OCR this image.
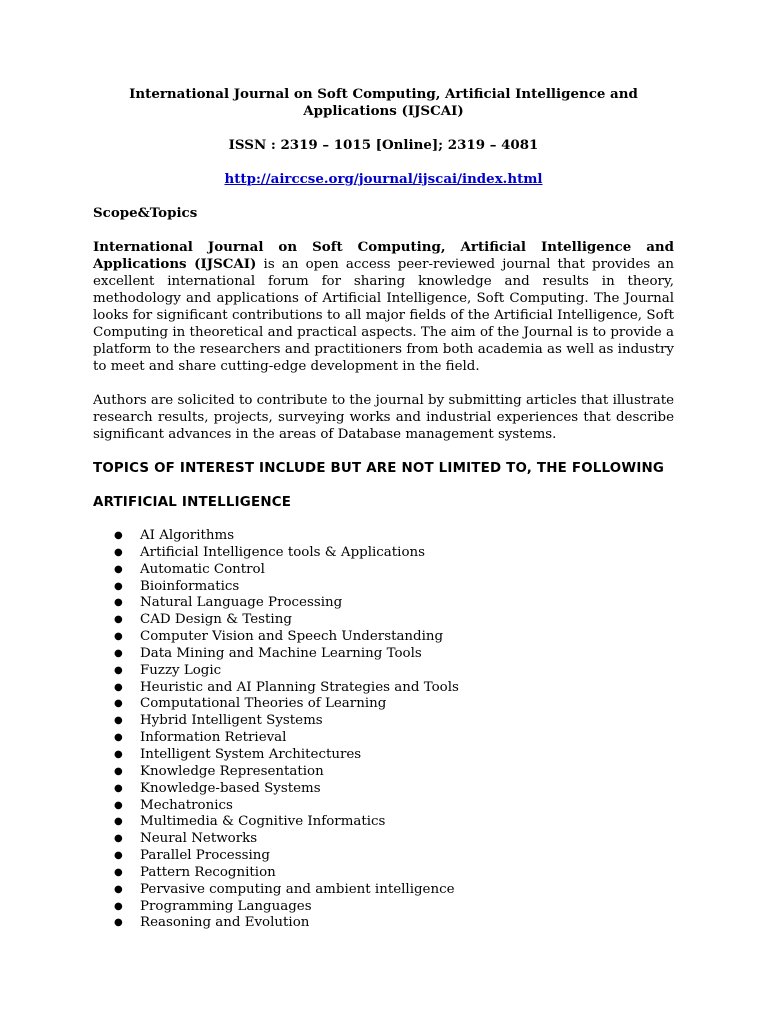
International Journal on Soft Computing, Artificial Intelligence and Applications (IJSCAI)

ISSN : 2319 – 1015 [Online]; 2319 – 4081

http://airccse.org/journal/ijscai/index.html

Scope&Topics

International Journal on Soft Computing, Artificial Intelligence and Applications (IJSCAI) is an open access peer-reviewed journal that provides an excellent international forum for sharing knowledge and results in theory, methodology and applications of Artificial Intelligence, Soft Computing. The Journal looks for significant contributions to all major fields of the Artificial Intelligence, Soft Computing in theoretical and practical aspects. The aim of the Journal is to provide a platform to the researchers and practitioners from both academia as well as industry to meet and share cutting-edge development in the field.

Authors are solicited to contribute to the journal by submitting articles that illustrate research results, projects, surveying works and industrial experiences that describe significant advances in the areas of Database management systems.

TOPICS OF INTEREST INCLUDE BUT ARE NOT LIMITED TO, THE FOLLOWING

ARTIFICIAL INTELLIGENCE

● AI Algorithms
● Artificial Intelligence tools & Applications
● Automatic Control
● Bioinformatics
● Natural Language Processing
● CAD Design & Testing
● Computer Vision and Speech Understanding
● Data Mining and Machine Learning Tools
● Fuzzy Logic
● Heuristic and AI Planning Strategies and Tools
● Computational Theories of Learning
● Hybrid Intelligent Systems
● Information Retrieval
● Intelligent System Architectures
● Knowledge Representation
● Knowledge-based Systems
● Mechatronics
● Multimedia & Cognitive Informatics
● Neural Networks
● Parallel Processing
● Pattern Recognition
● Pervasive computing and ambient intelligence
● Programming Languages
● Reasoning and Evolution
